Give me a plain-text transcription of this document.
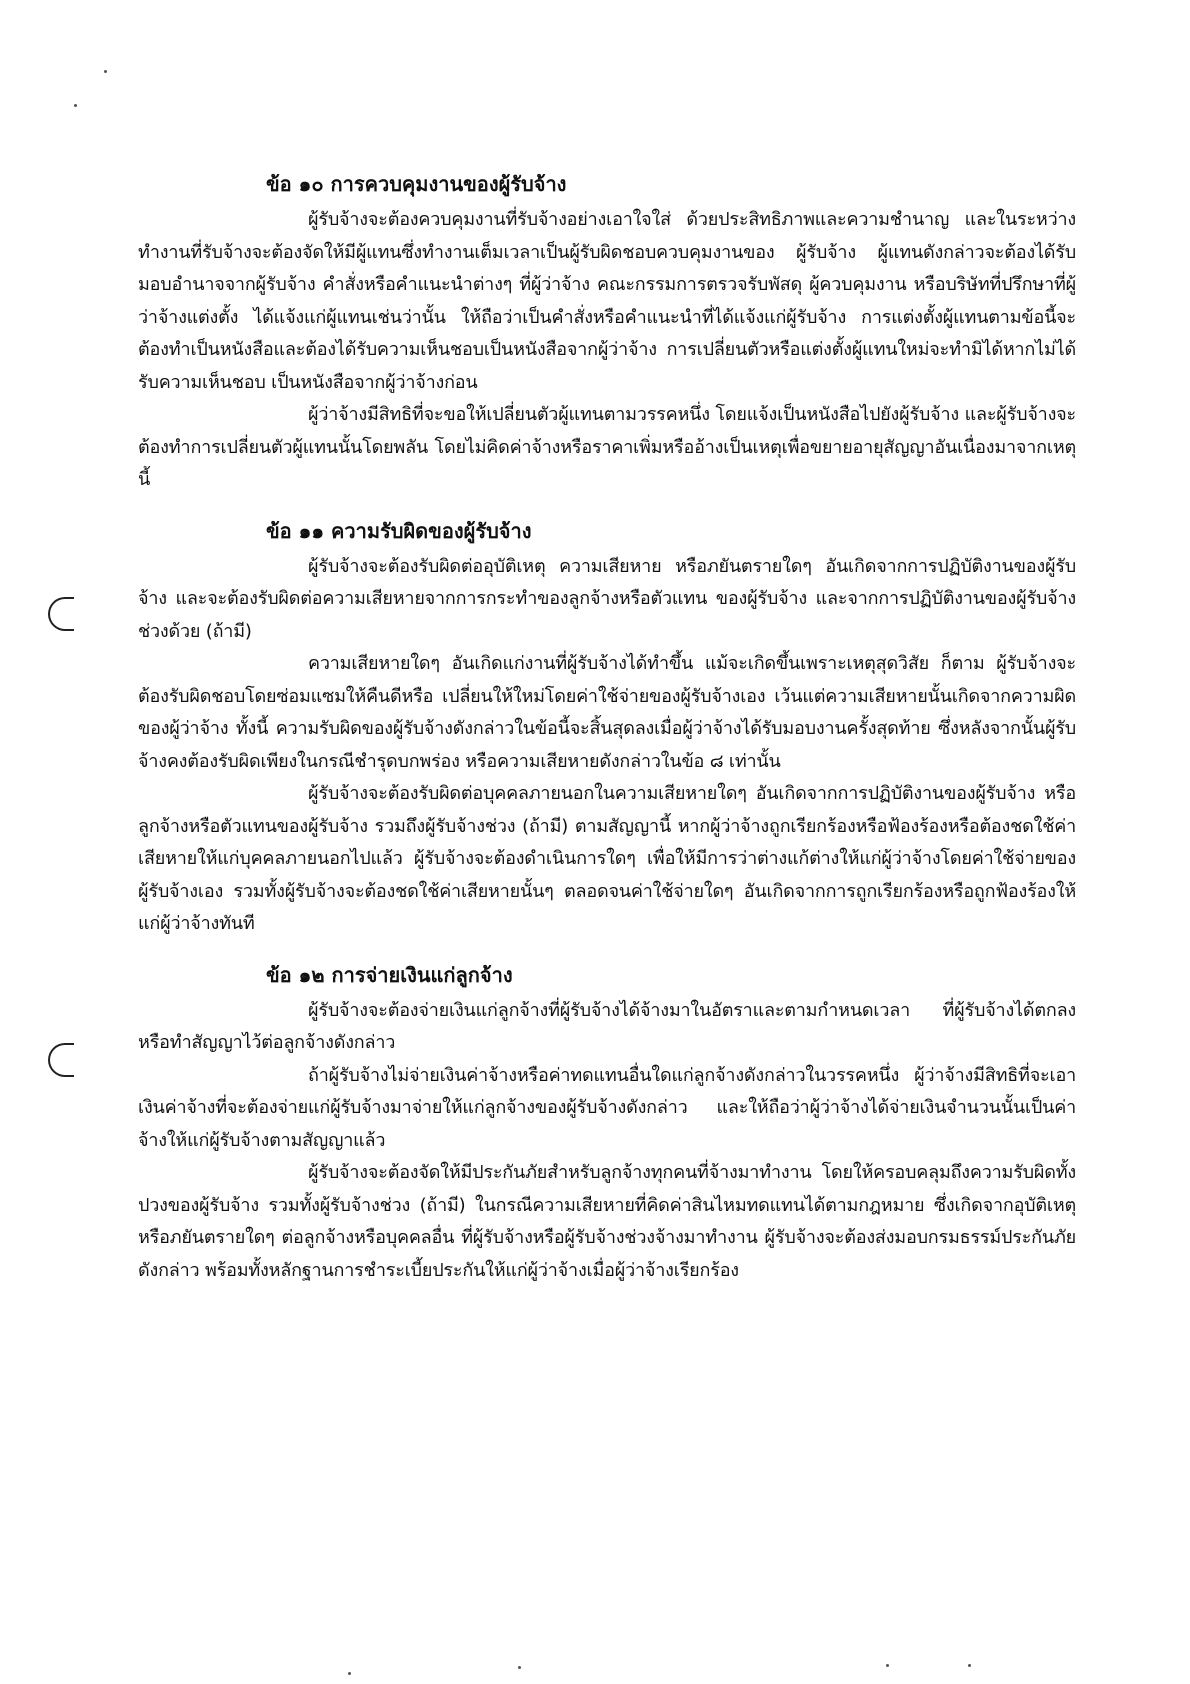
ข้อ ๑๐ การควบคุมงานของผู้รับจ้าง

ผู้รับจ้างจะต้องควบคุมงานที่รับจ้างอย่างเอาใจใส่ ด้วยประสิทธิภาพและความชำนาญ และในระหว่างทำงานที่รับจ้างจะต้องจัดให้มีผู้แทนซึ่งทำงานเต็มเวลาเป็นผู้รับผิดชอบควบคุมงานของ ผู้รับจ้าง ผู้แทนดังกล่าวจะต้องได้รับมอบอำนาจจากผู้รับจ้าง คำสั่งหรือคำแนะนำต่างๆ ที่ผู้ว่าจ้าง คณะกรรมการตรวจรับพัสดุ ผู้ควบคุมงาน หรือบริษัทที่ปรึกษาที่ผู้ว่าจ้างแต่งตั้ง ได้แจ้งแก่ผู้แทนเช่นว่านั้น ให้ถือว่าเป็นคำสั่งหรือคำแนะนำที่ได้แจ้งแก่ผู้รับจ้าง การแต่งตั้งผู้แทนตามข้อนี้จะต้องทำเป็นหนังสือและต้องได้รับความเห็นชอบเป็นหนังสือจากผู้ว่าจ้าง การเปลี่ยนตัวหรือแต่งตั้งผู้แทนใหม่จะทำมิได้หากไม่ได้รับความเห็นชอบ เป็นหนังสือจากผู้ว่าจ้างก่อน

ผู้ว่าจ้างมีสิทธิที่จะขอให้เปลี่ยนตัวผู้แทนตามวรรคหนึ่ง โดยแจ้งเป็นหนังสือไปยังผู้รับจ้าง และผู้รับจ้างจะต้องทำการเปลี่ยนตัวผู้แทนนั้นโดยพลัน โดยไม่คิดค่าจ้างหรือราคาเพิ่มหรืออ้างเป็นเหตุเพื่อขยายอายุสัญญาอันเนื่องมาจากเหตุนี้

ข้อ ๑๑ ความรับผิดของผู้รับจ้าง

ผู้รับจ้างจะต้องรับผิดต่ออุบัติเหตุ ความเสียหาย หรือภยันตรายใดๆ อันเกิดจากการปฏิบัติงานของผู้รับจ้าง และจะต้องรับผิดต่อความเสียหายจากการกระทำของลูกจ้างหรือตัวแทน ของผู้รับจ้าง และจากการปฏิบัติงานของผู้รับจ้างช่วงด้วย (ถ้ามี)

ความเสียหายใดๆ อันเกิดแก่งานที่ผู้รับจ้างได้ทำขึ้น แม้จะเกิดขึ้นเพราะเหตุสุดวิสัย ก็ตาม ผู้รับจ้างจะต้องรับผิดชอบโดยซ่อมแซมให้คืนดีหรือ เปลี่ยนให้ใหม่โดยค่าใช้จ่ายของผู้รับจ้างเอง เว้นแต่ความเสียหายนั้นเกิดจากความผิดของผู้ว่าจ้าง ทั้งนี้ ความรับผิดของผู้รับจ้างดังกล่าวในข้อนี้จะสิ้นสุดลงเมื่อผู้ว่าจ้างได้รับมอบงานครั้งสุดท้าย ซึ่งหลังจากนั้นผู้รับจ้างคงต้องรับผิดเพียงในกรณีชำรุดบกพร่อง หรือความเสียหายดังกล่าวในข้อ ๘ เท่านั้น

ผู้รับจ้างจะต้องรับผิดต่อบุคคลภายนอกในความเสียหายใดๆ อันเกิดจากการปฏิบัติงานของผู้รับจ้าง หรือลูกจ้างหรือตัวแทนของผู้รับจ้าง รวมถึงผู้รับจ้างช่วง (ถ้ามี) ตามสัญญานี้ หากผู้ว่าจ้างถูกเรียกร้องหรือฟ้องร้องหรือต้องชดใช้ค่าเสียหายให้แก่บุคคลภายนอกไปแล้ว ผู้รับจ้างจะต้องดำเนินการใดๆ เพื่อให้มีการว่าต่างแก้ต่างให้แก่ผู้ว่าจ้างโดยค่าใช้จ่ายของผู้รับจ้างเอง รวมทั้งผู้รับจ้างจะต้องชดใช้ค่าเสียหายนั้นๆ ตลอดจนค่าใช้จ่ายใดๆ อันเกิดจากการถูกเรียกร้องหรือถูกฟ้องร้องให้แก่ผู้ว่าจ้างทันที

ข้อ ๑๒ การจ่ายเงินแก่ลูกจ้าง

ผู้รับจ้างจะต้องจ่ายเงินแก่ลูกจ้างที่ผู้รับจ้างได้จ้างมาในอัตราและตามกำหนดเวลา ที่ผู้รับจ้างได้ตกลงหรือทำสัญญาไว้ต่อลูกจ้างดังกล่าว

ถ้าผู้รับจ้างไม่จ่ายเงินค่าจ้างหรือค่าทดแทนอื่นใดแก่ลูกจ้างดังกล่าวในวรรคหนึ่ง ผู้ว่าจ้างมีสิทธิที่จะเอาเงินค่าจ้างที่จะต้องจ่ายแก่ผู้รับจ้างมาจ่ายให้แก่ลูกจ้างของผู้รับจ้างดังกล่าว และให้ถือว่าผู้ว่าจ้างได้จ่ายเงินจำนวนนั้นเป็นค่าจ้างให้แก่ผู้รับจ้างตามสัญญาแล้ว

ผู้รับจ้างจะต้องจัดให้มีประกันภัยสำหรับลูกจ้างทุกคนที่จ้างมาทำงาน โดยให้ครอบคลุมถึงความรับผิดทั้งปวงของผู้รับจ้าง รวมทั้งผู้รับจ้างช่วง (ถ้ามี) ในกรณีความเสียหายที่คิดค่าสินไหมทดแทนได้ตามกฎหมาย ซึ่งเกิดจากอุบัติเหตุหรือภยันตรายใดๆ ต่อลูกจ้างหรือบุคคลอื่น ที่ผู้รับจ้างหรือผู้รับจ้างช่วงจ้างมาทำงาน ผู้รับจ้างจะต้องส่งมอบกรมธรรม์ประกันภัยดังกล่าว พร้อมทั้งหลักฐานการชำระเบี้ยประกันให้แก่ผู้ว่าจ้างเมื่อผู้ว่าจ้างเรียกร้อง
